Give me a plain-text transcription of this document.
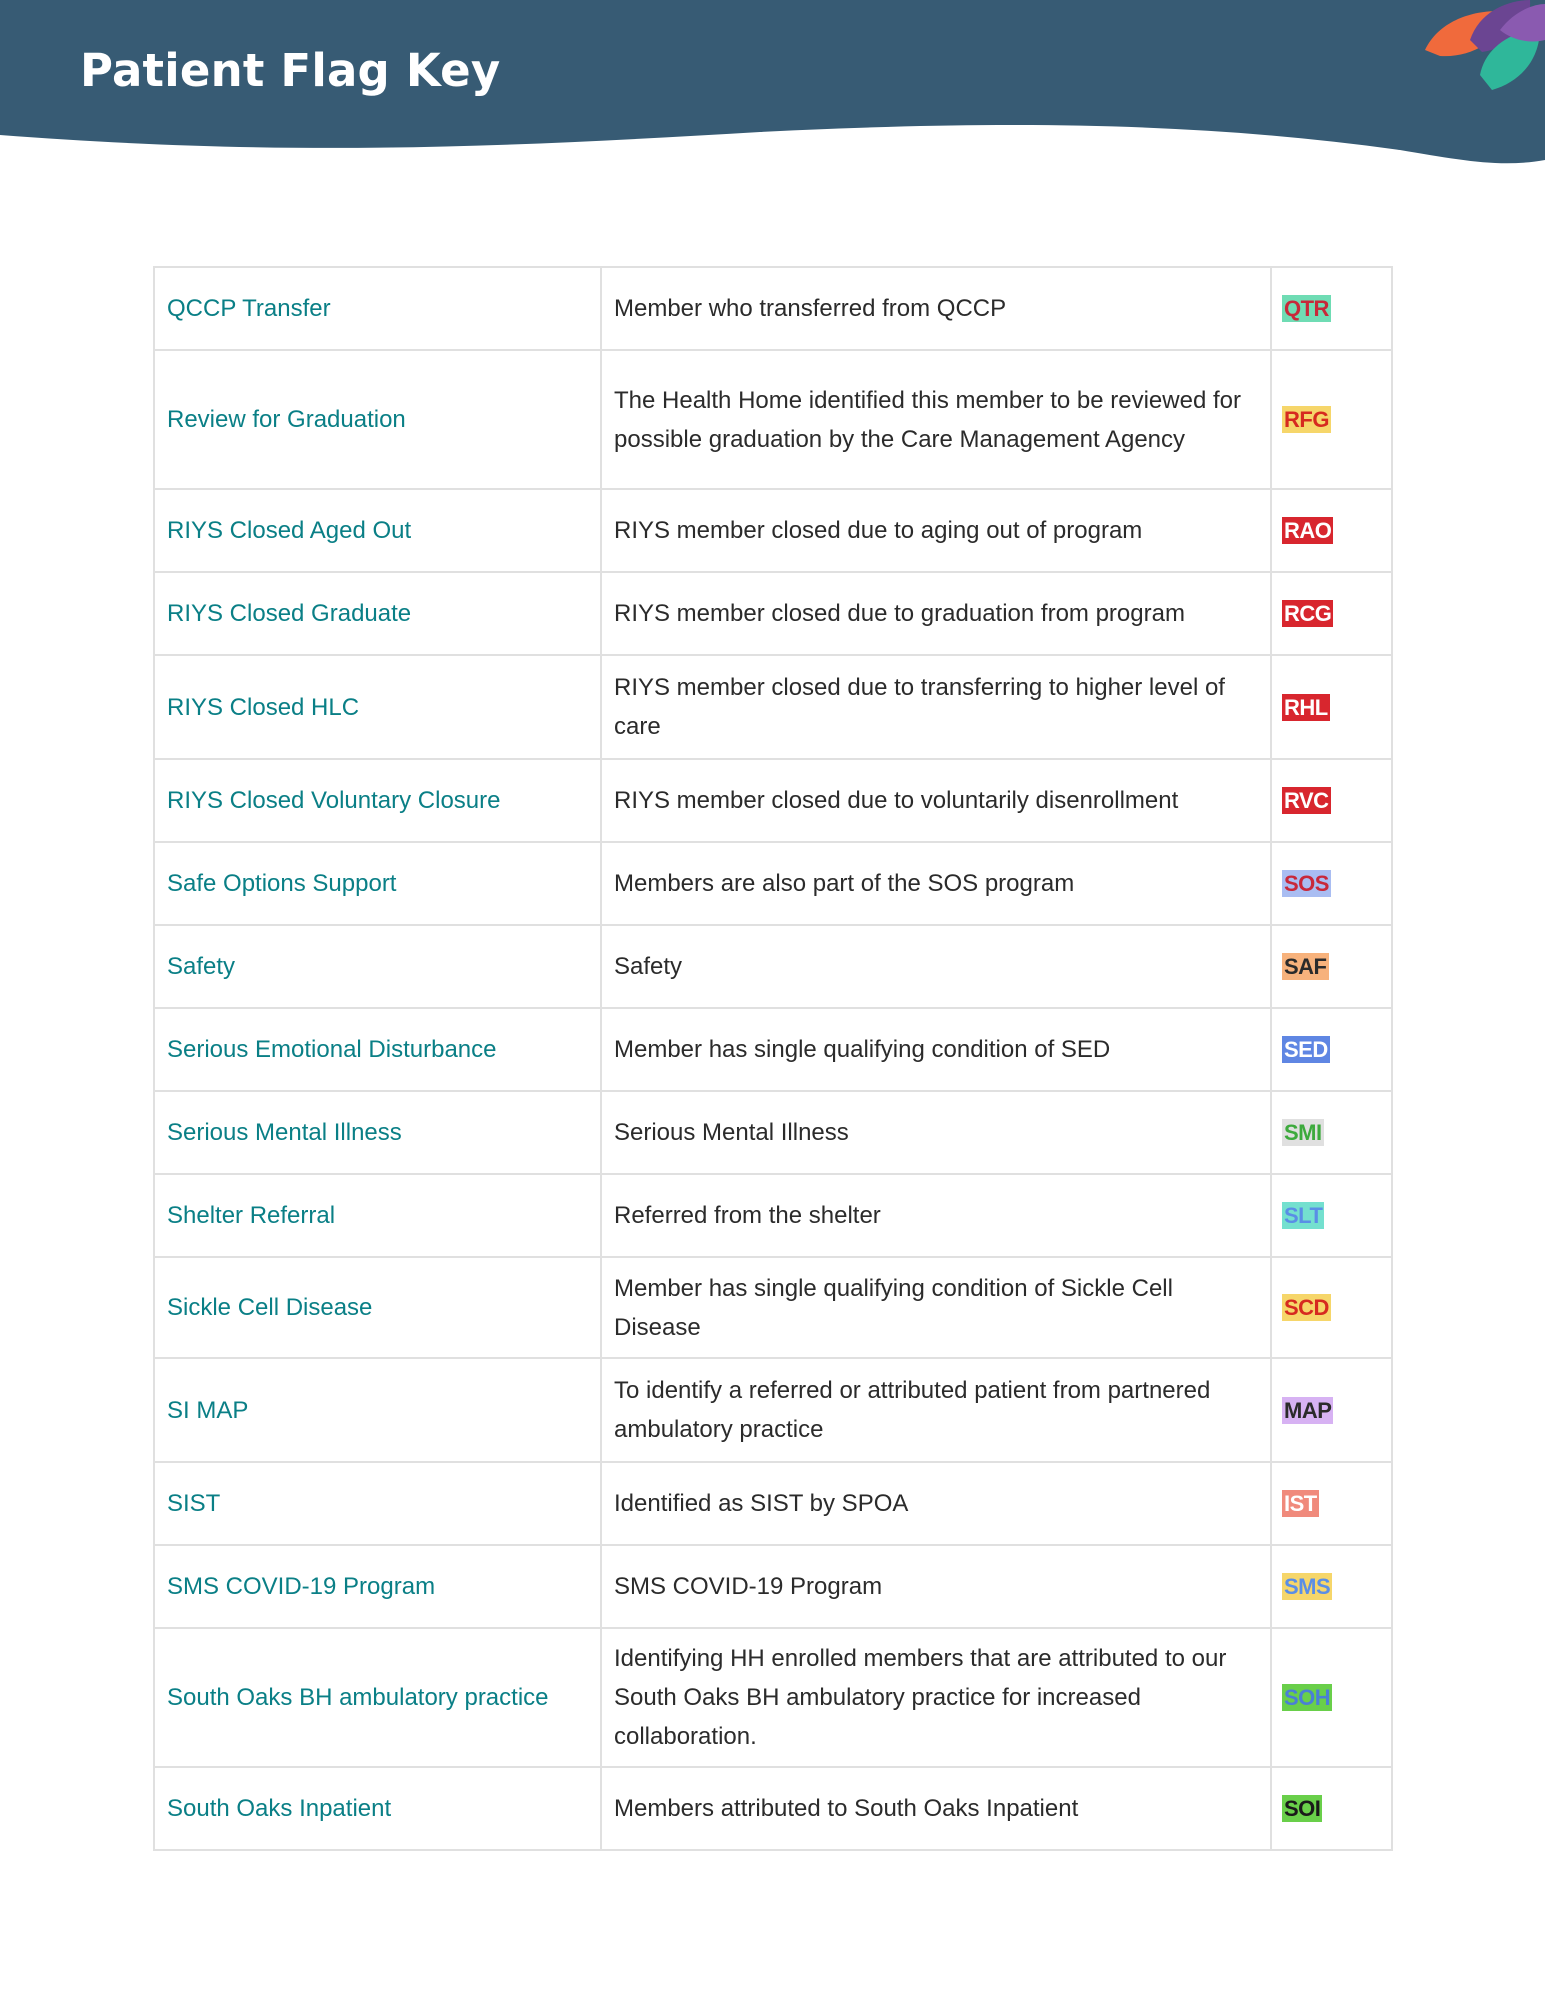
Patient Flag Key
QCCP Transfer	Member who transferred from QCCP	QTR
Review for Graduation	The Health Home identified this member to be reviewed for possible graduation by the Care Management Agency	RFG
RIYS Closed Aged Out	RIYS member closed due to aging out of program	RAO
RIYS Closed Graduate	RIYS member closed due to graduation from program	RCG
RIYS Closed HLC	RIYS member closed due to transferring to higher level of care	RHL
RIYS Closed Voluntary Closure	RIYS member closed due to voluntarily disenrollment	RVC
Safe Options Support	Members are also part of the SOS program	SOS
Safety	Safety	SAF
Serious Emotional Disturbance	Member has single qualifying condition of SED	SED
Serious Mental Illness	Serious Mental Illness	SMI
Shelter Referral	Referred from the shelter	SLT
Sickle Cell Disease	Member has single qualifying condition of Sickle Cell Disease	SCD
SI MAP	To identify a referred or attributed patient from partnered ambulatory practice	MAP
SIST	Identified as SIST by SPOA	IST
SMS COVID-19 Program	SMS COVID-19 Program	SMS
South Oaks BH ambulatory practice	Identifying HH enrolled members that are attributed to our South Oaks BH ambulatory practice for increased collaboration.	SOH
South Oaks Inpatient	Members attributed to South Oaks Inpatient	SOI
